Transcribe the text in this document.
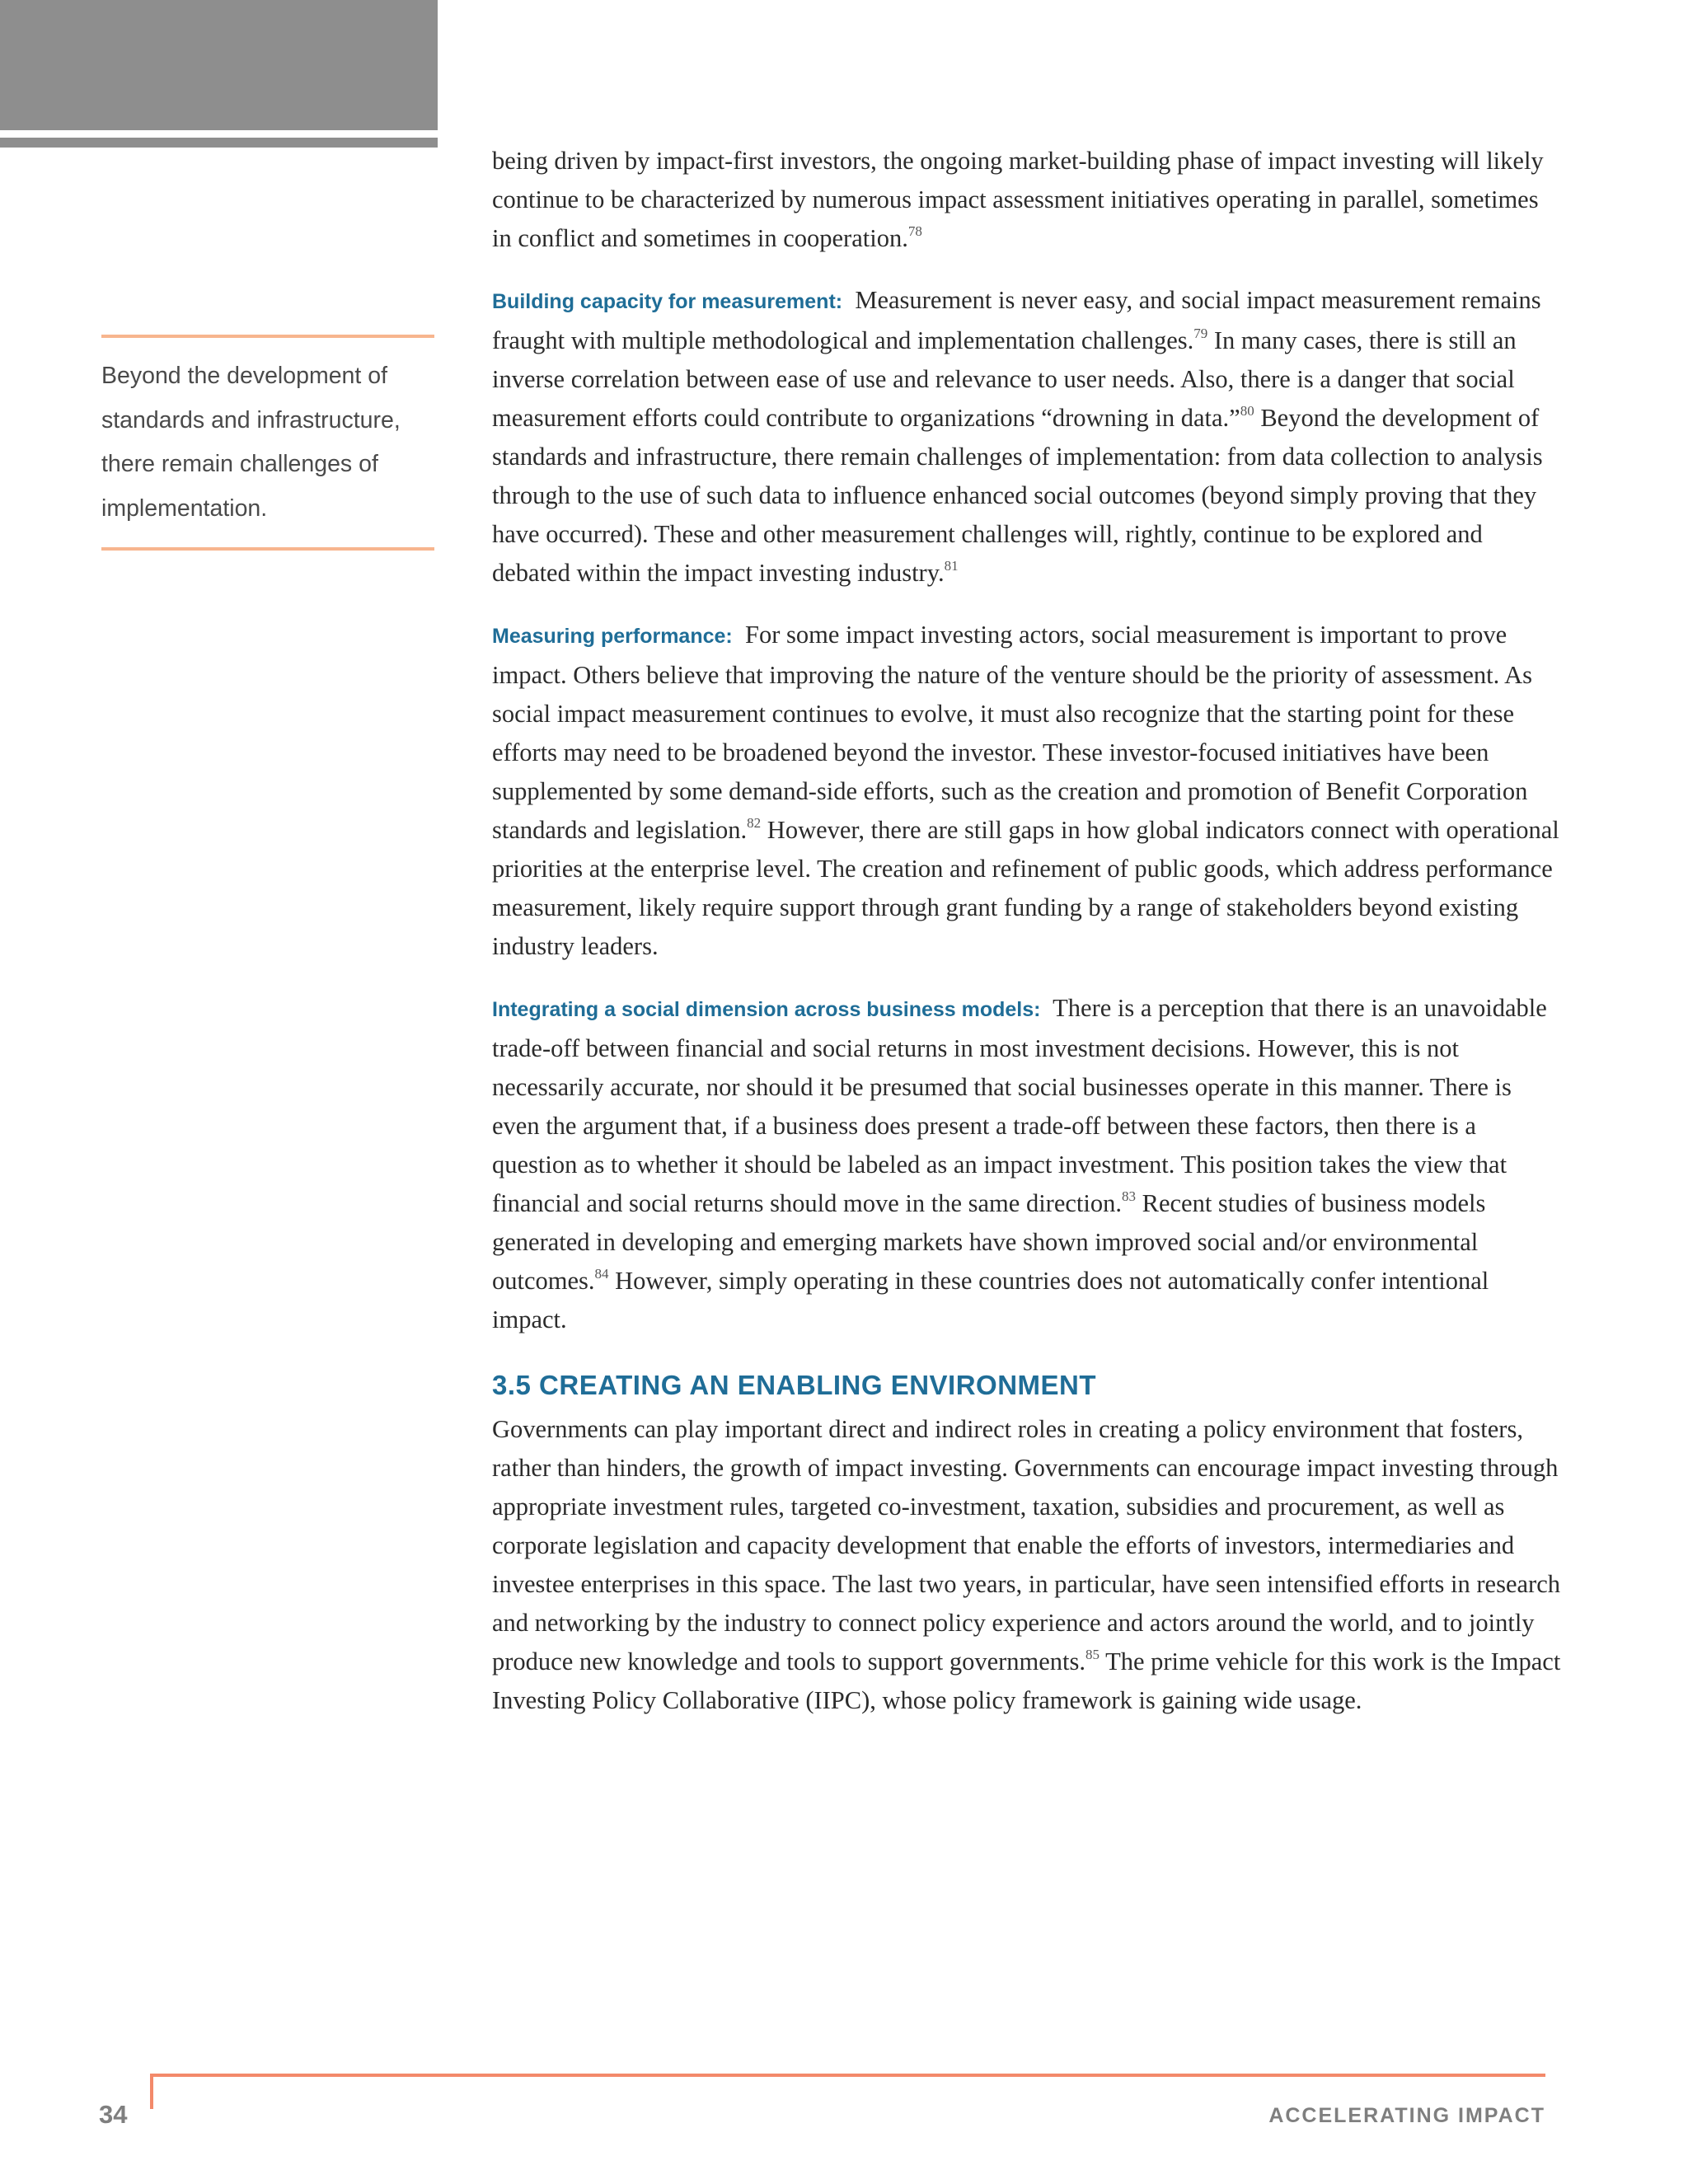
Beyond the development of standards and infrastructure, there remain challenges of implementation.

being driven by impact-first investors, the ongoing market-building phase of impact investing will likely continue to be characterized by numerous impact assessment initiatives operating in parallel, sometimes in conflict and sometimes in cooperation.$^{78}$

Building capacity for measurement: Measurement is never easy, and social impact measurement remains fraught with multiple methodological and implementation challenges.$^{79}$ In many cases, there is still an inverse correlation between ease of use and relevance to user needs. Also, there is a danger that social measurement efforts could contribute to organizations “drowning in data.”$^{80}$ Beyond the development of standards and infrastructure, there remain challenges of implementation: from data collection to analysis through to the use of such data to influence enhanced social outcomes (beyond simply proving that they have occurred). These and other measurement challenges will, rightly, continue to be explored and debated within the impact investing industry.$^{81}$

Measuring performance: For some impact investing actors, social measurement is important to prove impact. Others believe that improving the nature of the venture should be the priority of assessment. As social impact measurement continues to evolve, it must also recognize that the starting point for these efforts may need to be broadened beyond the investor. These investor-focused initiatives have been supplemented by some demand-side efforts, such as the creation and promotion of Benefit Corporation standards and legislation.$^{82}$ However, there are still gaps in how global indicators connect with operational priorities at the enterprise level. The creation and refinement of public goods, which address performance measurement, likely require support through grant funding by a range of stakeholders beyond existing industry leaders.

Integrating a social dimension across business models: There is a perception that there is an unavoidable trade-off between financial and social returns in most investment decisions. However, this is not necessarily accurate, nor should it be presumed that social businesses operate in this manner. There is even the argument that, if a business does present a trade-off between these factors, then there is a question as to whether it should be labeled as an impact investment. This position takes the view that financial and social returns should move in the same direction.$^{83}$ Recent studies of business models generated in developing and emerging markets have shown improved social and/or environmental outcomes.$^{84}$ However, simply operating in these countries does not automatically confer intentional impact.

3.5 CREATING AN ENABLING ENVIRONMENT

Governments can play important direct and indirect roles in creating a policy environment that fosters, rather than hinders, the growth of impact investing. Governments can encourage impact investing through appropriate investment rules, targeted co-investment, taxation, subsidies and procurement, as well as corporate legislation and capacity development that enable the efforts of investors, intermediaries and investee enterprises in this space. The last two years, in particular, have seen intensified efforts in research and networking by the industry to connect policy experience and actors around the world, and to jointly produce new knowledge and tools to support governments.$^{85}$ The prime vehicle for this work is the Impact Investing Policy Collaborative (IIPC), whose policy framework is gaining wide usage.

34	ACCELERATING IMPACT
